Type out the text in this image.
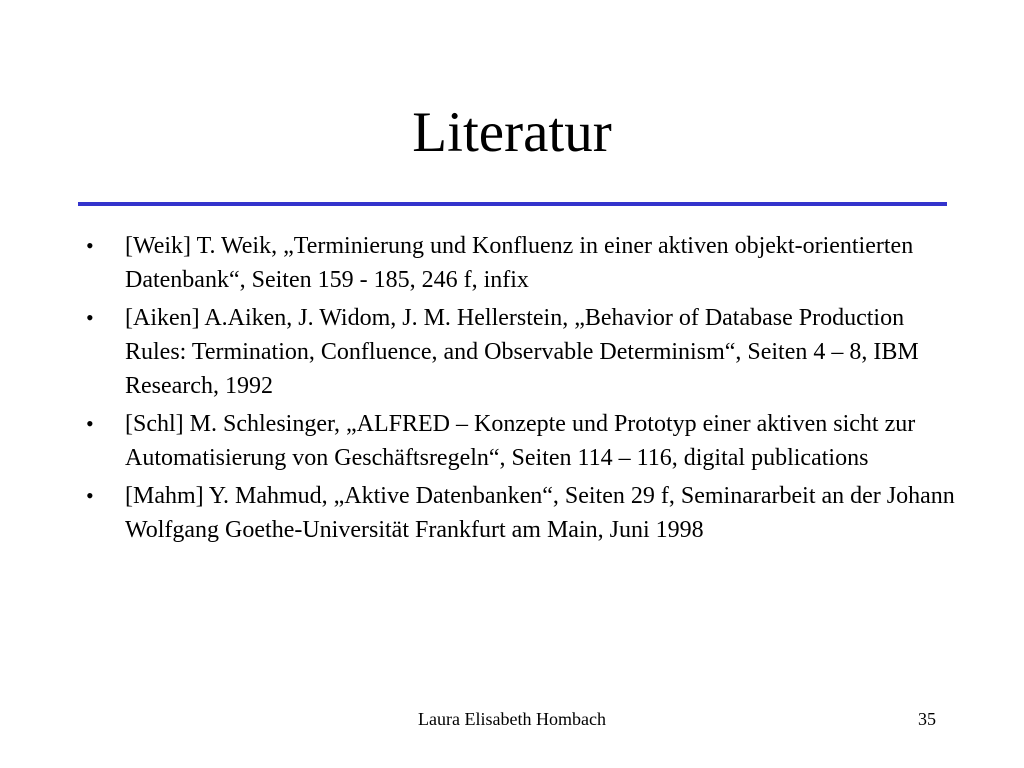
Literatur
•	[Weik] T. Weik, „Terminierung und Konfluenz in einer aktiven objekt-orientierten Datenbank“, Seiten 159 - 185, 246 f, infix
•	[Aiken] A.Aiken, J. Widom, J. M. Hellerstein, „Behavior of Database Production Rules: Termination, Confluence, and Observable Determinism“, Seiten 4 – 8, IBM Research, 1992
•	[Schl] M. Schlesinger, „ALFRED – Konzepte und Prototyp einer aktiven sicht zur Automatisierung von Geschäftsregeln“, Seiten 114 – 116, digital publications
•	[Mahm] Y. Mahmud, „Aktive Datenbanken“, Seiten 29 f, Seminararbeit an der Johann Wolfgang Goethe-Universität Frankfurt am Main, Juni 1998
Laura Elisabeth Hombach	35
